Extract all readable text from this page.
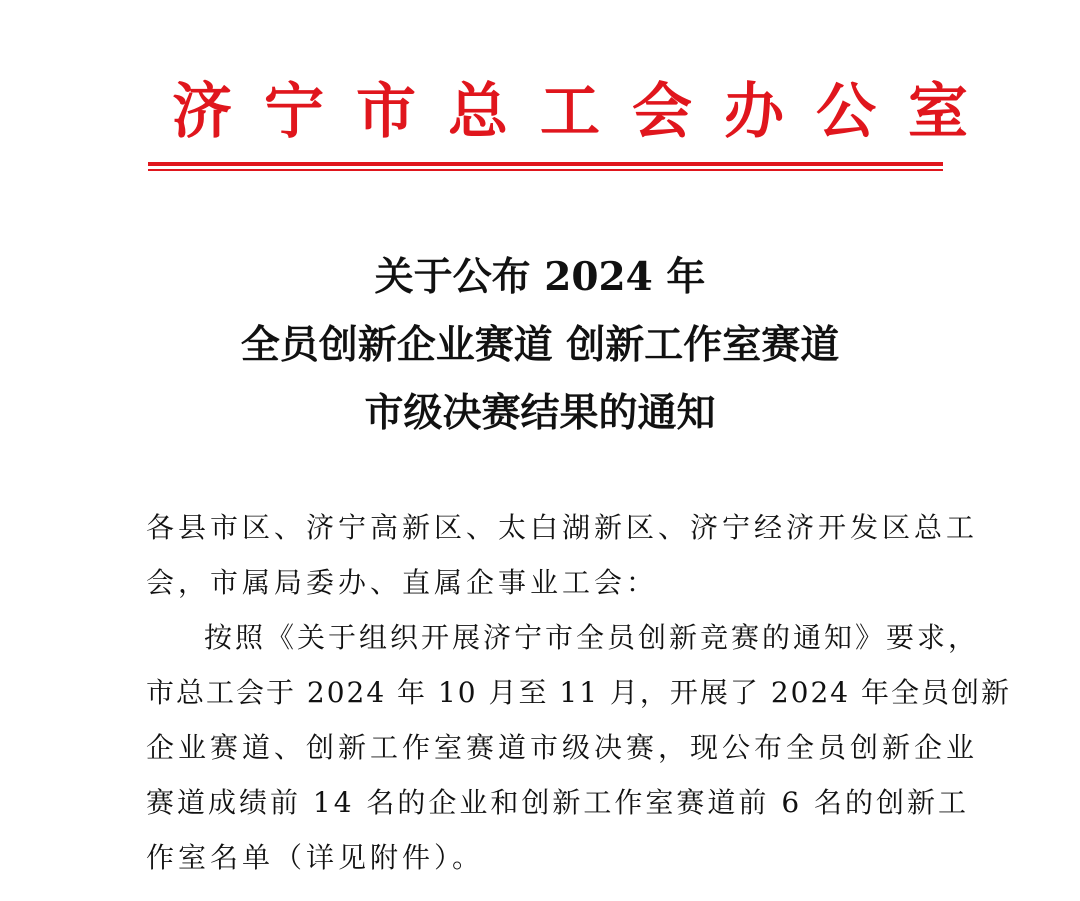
济宁市总工会办公室
关于公布 2024 年
全员创新企业赛道 创新工作室赛道
市级决赛结果的通知
各县市区、济宁高新区、太白湖新区、济宁经济开发区总工
会，市属局委办、直属企事业工会：
按照《关于组织开展济宁市全员创新竞赛的通知》要求，
市总工会于 2024 年 10 月至 11 月，开展了 2024 年全员创新
企业赛道、创新工作室赛道市级决赛，现公布全员创新企业
赛道成绩前 14 名的企业和创新工作室赛道前 6 名的创新工
作室名单（详见附件）。
